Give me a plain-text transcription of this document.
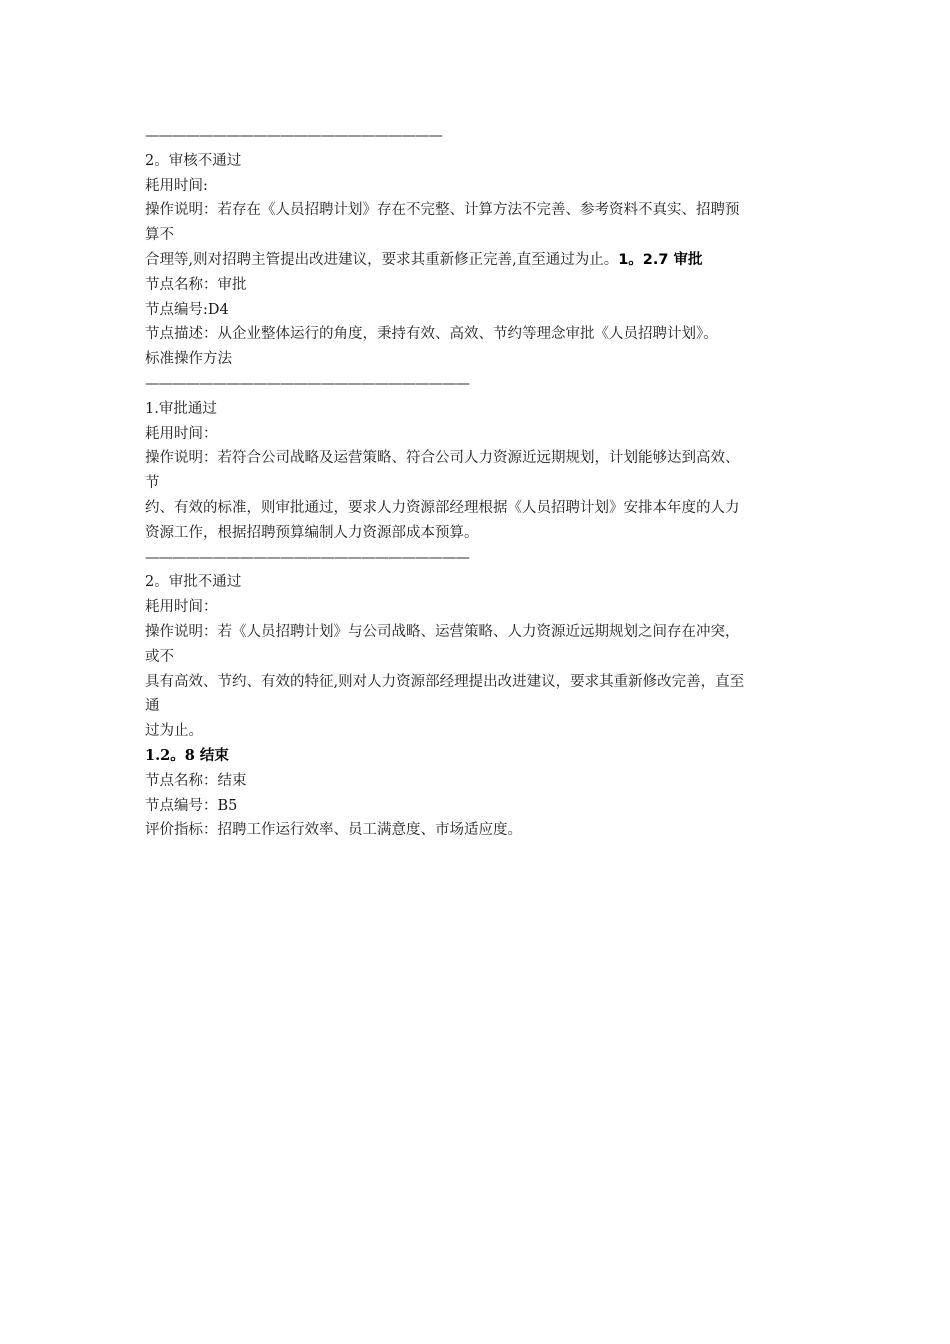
——————————————————————
2。审核不通过
耗用时间:
操作说明：若存在《人员招聘计划》存在不完整、计算方法不完善、参考资料不真实、招聘预
算不
合理等,则对招聘主管提出改进建议，要求其重新修正完善,直至通过为止。1。2.7 审批
节点名称：审批
节点编号:D4
节点描述：从企业整体运行的角度，秉持有效、高效、节约等理念审批《人员招聘计划》。
标准操作方法
————————————————————————
1.审批通过
耗用时间：
操作说明：若符合公司战略及运营策略、符合公司人力资源近远期规划，计划能够达到高效、
节
约、有效的标准，则审批通过，要求人力资源部经理根据《人员招聘计划》安排本年度的人力
资源工作，根据招聘预算编制人力资源部成本预算。
————————————————————————
2。审批不通过
耗用时间：
操作说明：若《人员招聘计划》与公司战略、运营策略、人力资源近远期规划之间存在冲突，
或不
具有高效、节约、有效的特征,则对人力资源部经理提出改进建议，要求其重新修改完善，直至
通
过为止。
1.2。8 结束
节点名称：结束
节点编号：B5
评价指标：招聘工作运行效率、员工满意度、市场适应度。
